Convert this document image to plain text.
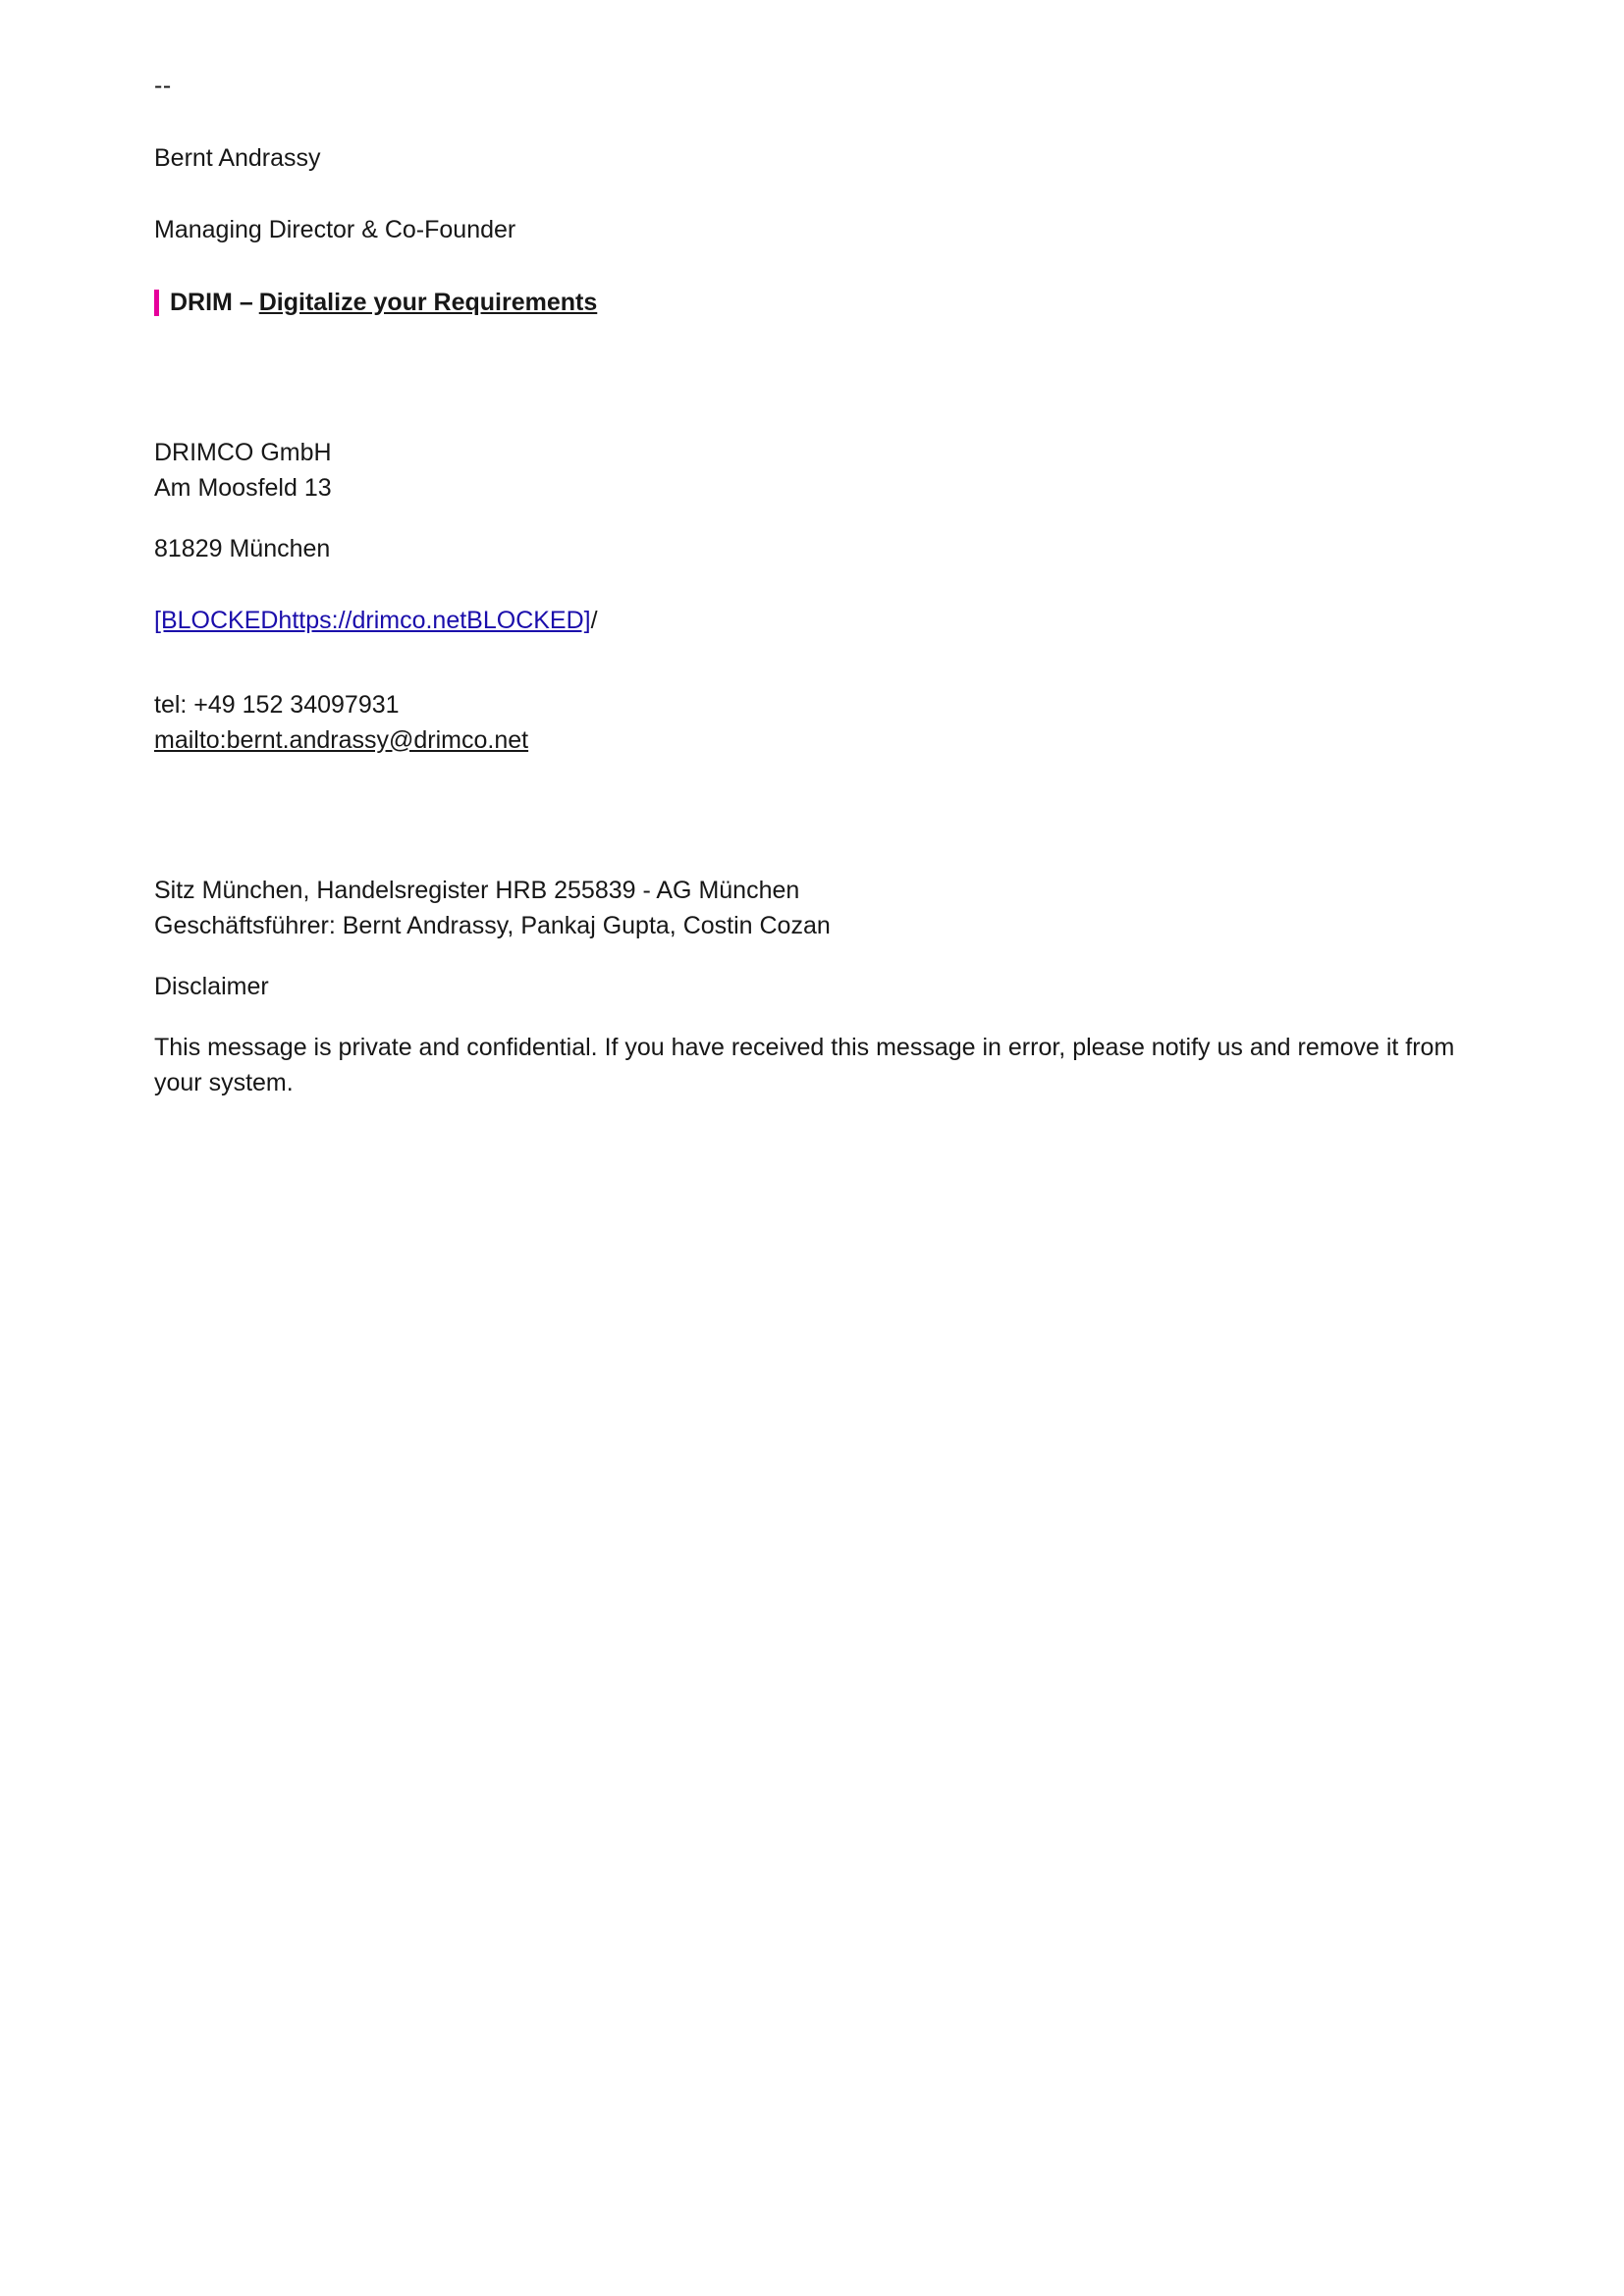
--
Bernt Andrassy
Managing Director & Co-Founder
DRIM – Digitalize your Requirements
DRIMCO GmbH
Am Moosfeld 13
81829 München
[BLOCKEDhttps://drimco.netBLOCKED]/
tel: +49 152 34097931
mailto:bernt.andrassy@drimco.net
Sitz München, Handelsregister HRB 255839 - AG München
Geschäftsführer: Bernt Andrassy, Pankaj Gupta, Costin Cozan
Disclaimer
This message is private and confidential. If you have received this message in error, please notify us and remove it from your system.
